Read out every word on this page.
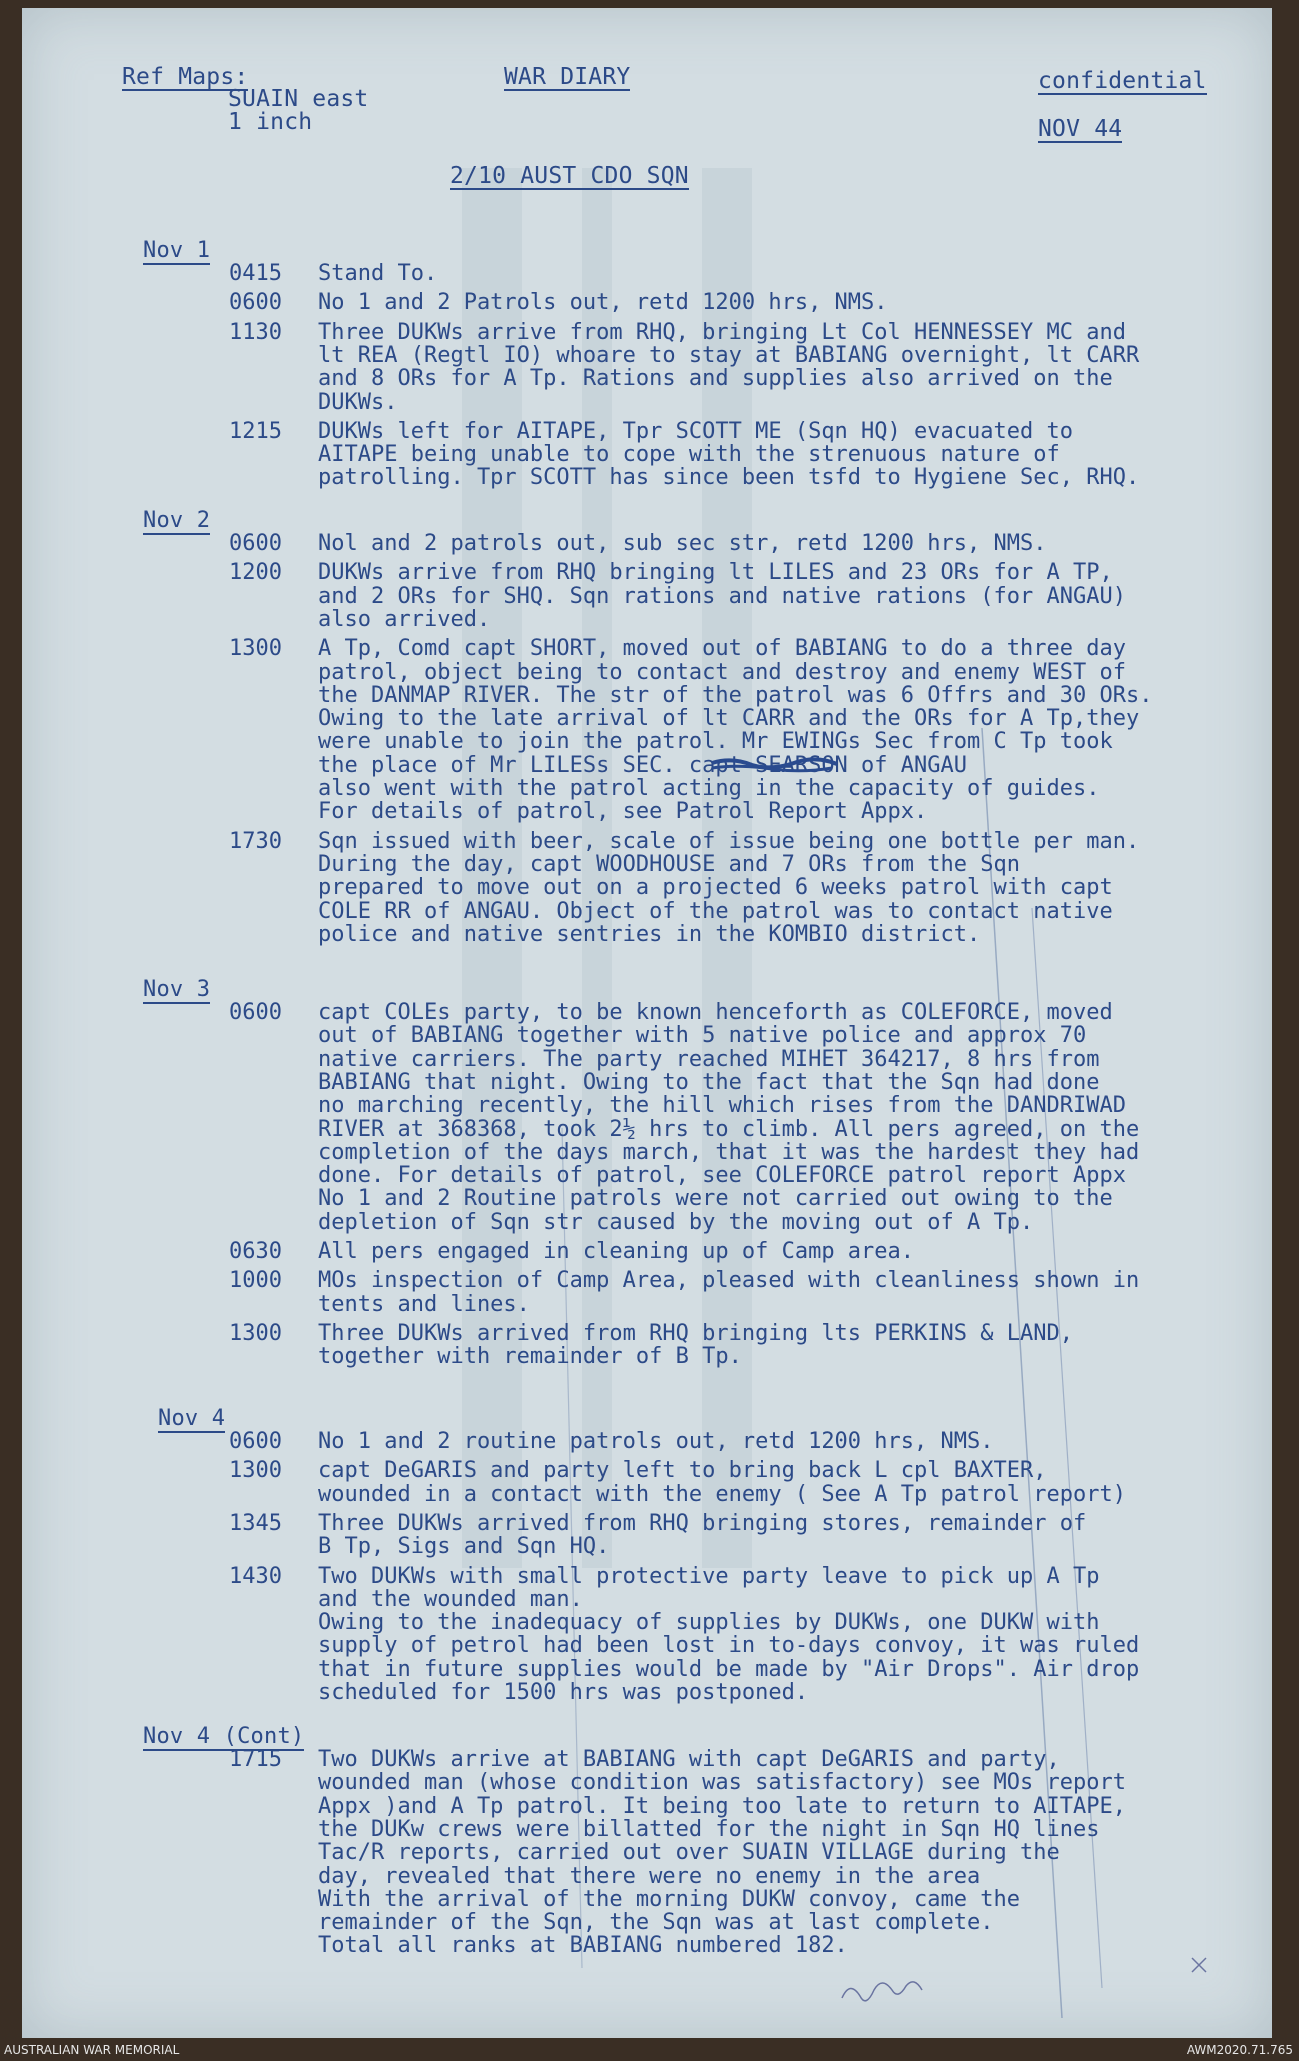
Ref Maps:
SUAIN east
1 inch
WAR DIARY	confidential
NOV 44
2/10 AUST CDO SQN
Nov 1
0415 Stand To.
0600 No 1 and 2 Patrols out, retd 1200 hrs, NMS.
1130 Three DUKWs arrive from RHQ, bringing Lt Col HENNESSEY MC and
lt REA (Regtl IO) whoare to stay at BABIANG overnight, lt CARR
and 8 ORs for A Tp. Rations and supplies also arrived on the
DUKWs.
1215 DUKWs left for AITAPE, Tpr SCOTT ME (Sqn HQ) evacuated to
AITAPE being unable to cope with the strenuous nature of
patrolling. Tpr SCOTT has since been tsfd to Hygiene Sec, RHQ.
Nov 2
0600 Nol and 2 patrols out, sub sec str, retd 1200 hrs, NMS.
1200 DUKWs arrive from RHQ bringing lt LILES and 23 ORs for A TP,
and 2 ORs for SHQ. Sqn rations and native rations (for ANGAU)
also arrived.
1300 A Tp, Comd capt SHORT, moved out of BABIANG to do a three day
patrol, object being to contact and destroy and enemy WEST of
the DANMAP RIVER. The str of the patrol was 6 Offrs and 30 ORs.
Owing to the late arrival of lt CARR and the ORs for A Tp,they
were unable to join the patrol. Mr EWINGs Sec from C Tp took
the place of Mr LILESs SEC. capt SEARSON of ANGAU
also went with the patrol acting in the capacity of guides.
For details of patrol, see Patrol Report Appx.
1730 Sqn issued with beer, scale of issue being one bottle per man.
During the day, capt WOODHOUSE and 7 ORs from the Sqn
prepared to move out on a projected 6 weeks patrol with capt
COLE RR of ANGAU. Object of the patrol was to contact native
police and native sentries in the KOMBIO district.
Nov 3
0600 capt COLEs party, to be known henceforth as COLEFORCE, moved
out of BABIANG together with 5 native police and approx 70
native carriers. The party reached MIHET 364217, 8 hrs from
BABIANG that night. Owing to the fact that the Sqn had done
no marching recently, the hill which rises from the DANDRIWAD
RIVER at 368368, took 2½ hrs to climb. All pers agreed, on the
completion of the days march, that it was the hardest they had
done. For details of patrol, see COLEFORCE patrol report Appx
No 1 and 2 Routine patrols were not carried out owing to the
depletion of Sqn str caused by the moving out of A Tp.
0630 All pers engaged in cleaning up of Camp area.
1000 MOs inspection of Camp Area, pleased with cleanliness shown in
tents and lines.
1300 Three DUKWs arrived from RHQ bringing lts PERKINS & LAND,
together with remainder of B Tp.
Nov 4
0600 No 1 and 2 routine patrols out, retd 1200 hrs, NMS.
1300 capt DeGARIS and party left to bring back L cpl BAXTER,
wounded in a contact with the enemy ( See A Tp patrol report)
1345 Three DUKWs arrived from RHQ bringing stores, remainder of
B Tp, Sigs and Sqn HQ.
1430 Two DUKWs with small protective party leave to pick up A Tp
and the wounded man.
Owing to the inadequacy of supplies by DUKWs, one DUKW with
supply of petrol had been lost in to-days convoy, it was ruled
that in future supplies would be made by "Air Drops". Air drop
scheduled for 1500 hrs was postponed.
Nov 4 (Cont)
1715 Two DUKWs arrive at BABIANG with capt DeGARIS and party,
wounded man (whose condition was satisfactory) see MOs report
Appx )and A Tp patrol. It being too late to return to AITAPE,
the DUKw crews were billatted for the night in Sqn HQ lines
Tac/R reports, carried out over SUAIN VILLAGE during the
day, revealed that there were no enemy in the area
With the arrival of the morning DUKW convoy, came the
remainder of the Sqn, the Sqn was at last complete.
Total all ranks at BABIANG numbered 182.
AUSTRALIAN WAR MEMORIAL	AWM2020.71.765
